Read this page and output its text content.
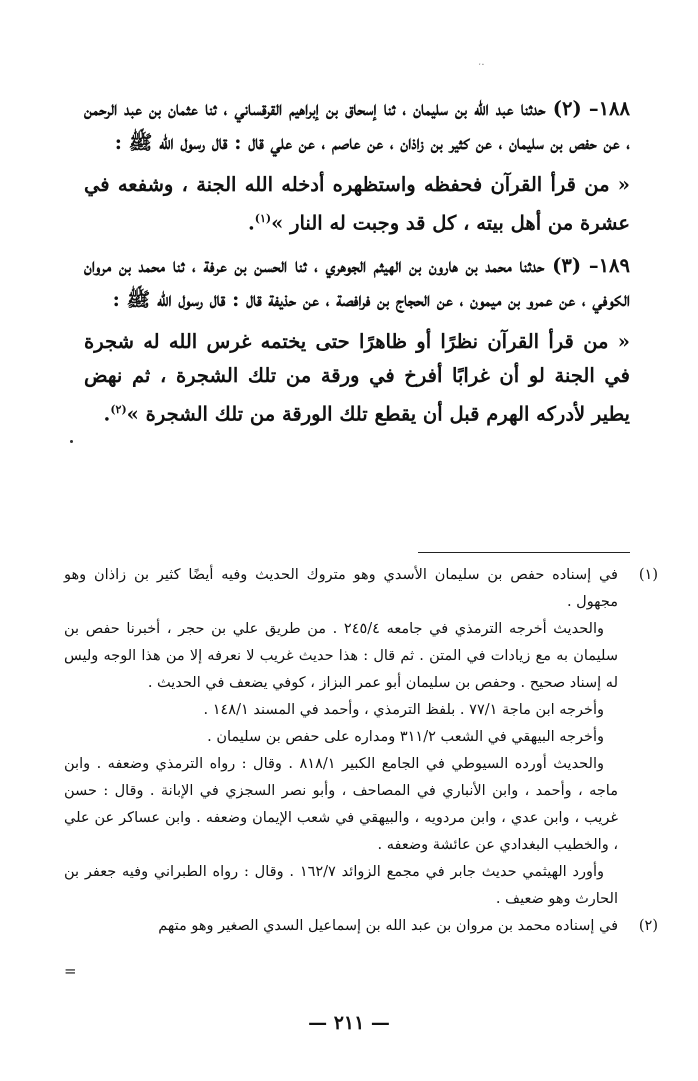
·ˑ

١٨٨– (٢) حدثنا عبد الله بن سليمان ، ثنا إسحاق بن إبراهيم القرقساني ، ثنا عثمان بن عبد الرحمن ، عن حفص بن سليمان ، عن كثير بن زاذان ، عن عاصم ، عن علي قال : قال رسول الله ﷺ :

« من قرأ القرآن فحفظه واستظهره أدخله الله الجنة ، وشفعه في عشرة من أهل بيته ، كل قد وجبت له النار »$^{(١)}$.

١٨٩– (٣) حدثنا محمد بن هارون بن الهيثم الجوهري ، ثنا الحسن بن عرفة ، ثنا محمد بن مروان الكوفي ، عن عمرو بن ميمون ، عن الحجاج بن فرافصة ، عن حذيفة قال : قال رسول الله ﷺ :

« من قرأ القرآن نظرًا أو ظاهرًا حتى يختمه غرس الله له شجرة في الجنة لو أن غرابًا أفرخ في ورقة من تلك الشجرة ، ثم نهض يطير لأدركه الهرم قبل أن يقطع تلك الورقة من تلك الشجرة »$^{(٢)}$.

(١)

في إسناده حفص بن سليمان الأسدي وهو متروك الحديث وفيه أيضًا كثير بن زاذان وهو مجهول .

والحديث أخرجه الترمذي في جامعه ٢٤٥/٤ . من طريق علي بن حجر ، أخبرنا حفص بن سليمان به مع زيادات في المتن . ثم قال : هذا حديث غريب لا نعرفه إلا من هذا الوجه وليس له إسناد صحيح . وحفص بن سليمان أبو عمر البزاز ، كوفي يضعف في الحديث .

وأخرجه ابن ماجة ٧٧/١ . بلفظ الترمذي ، وأحمد في المسند ١٤٨/١ .

وأخرجه البيهقي في الشعب ٣١١/٢ ومداره على حفص بن سليمان .

والحديث أورده السيوطي في الجامع الكبير ٨١٨/١ . وقال : رواه الترمذي وضعفه . وابن ماجه ، وأحمد ، وابن الأنباري في المصاحف ، وأبو نصر السجزي في الإبانة . وقال : حسن غريب ، وابن عدي ، وابن مردويه ، والبيهقي في شعب الإيمان وضعفه . وابن عساكر عن علي ، والخطيب البغدادي عن عائشة وضعفه .

وأورد الهيثمي حديث جابر في مجمع الزوائد ١٦٢/٧ . وقال : رواه الطبراني وفيه جعفر بن الحارث وهو ضعيف .

(٢)

في إسناده محمد بن مروان بن عبد الله بن إسماعيل السدي الصغير وهو متهم

=
— ٢١١ —
